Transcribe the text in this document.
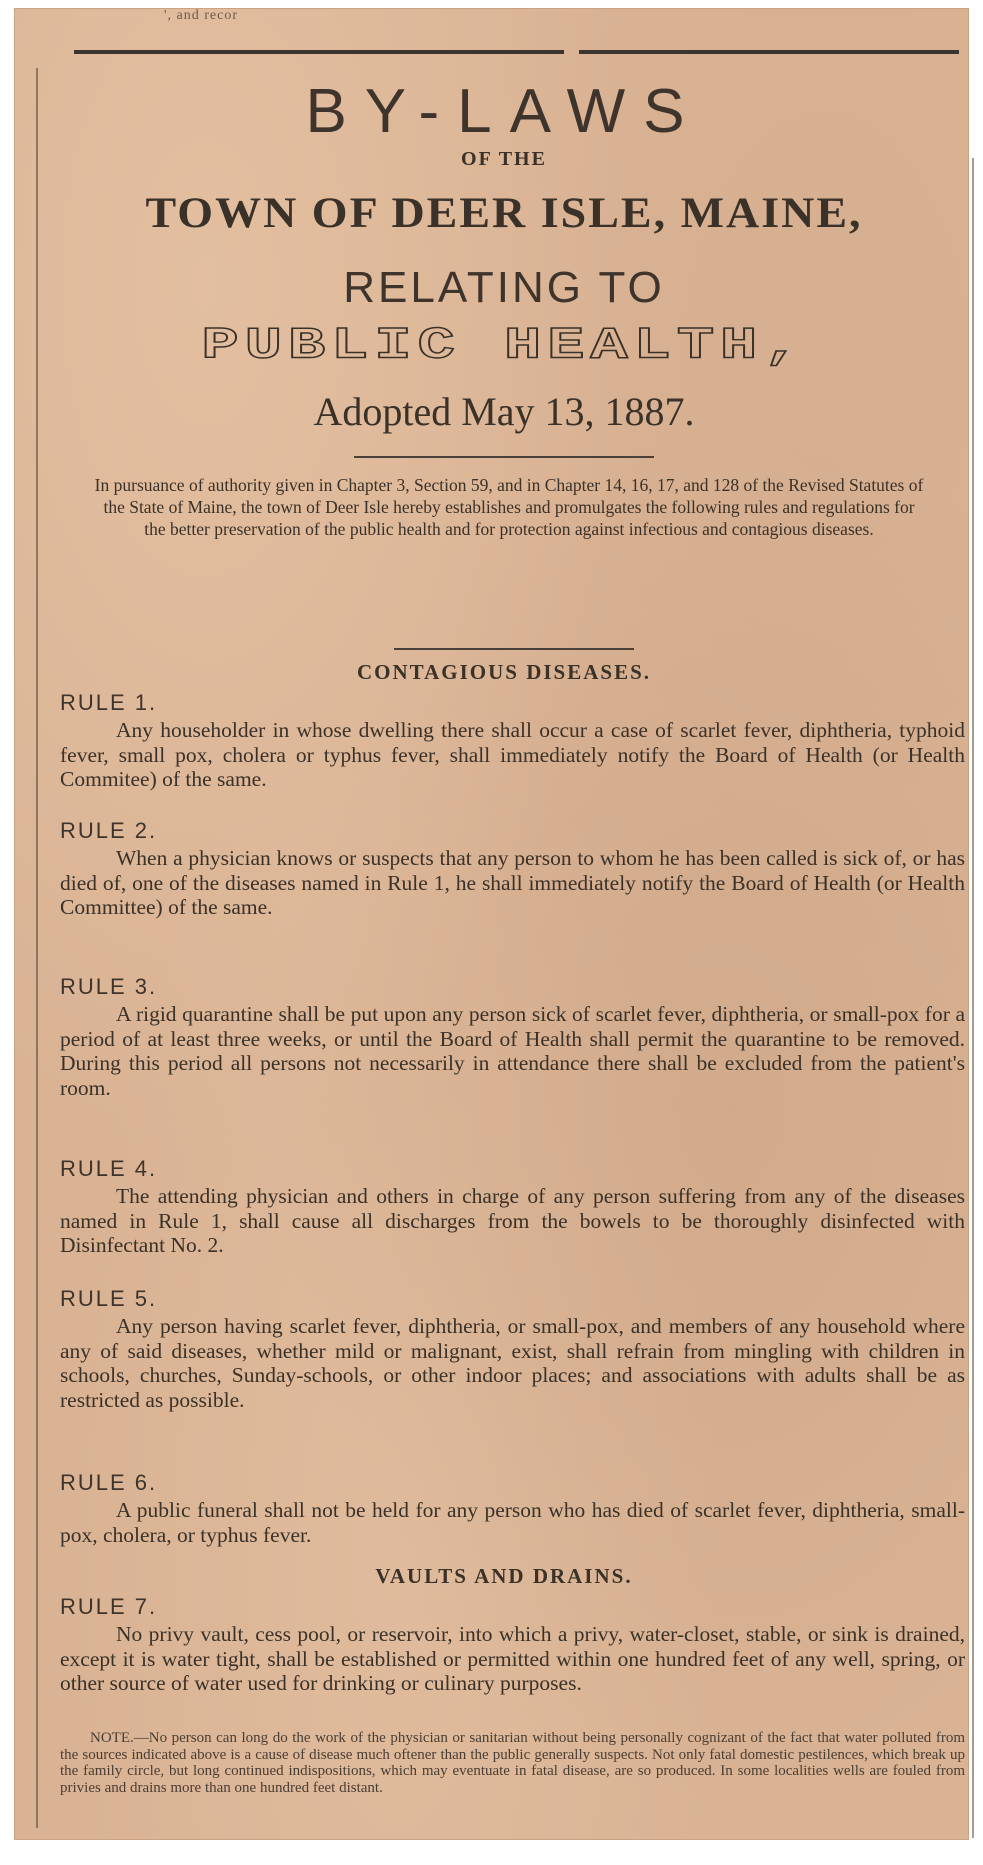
', and recor
BY-LAWS
OF THE
TOWN OF DEER ISLE, MAINE,
RELATING TO
PUBLIC HEALTH,
Adopted May 13, 1887.
In pursuance of authority given in Chapter 3, Section 59, and in Chapter 14, 16, 17, and 128 of the Revised Statutes of the State of Maine, the town of Deer Isle hereby establishes and promulgates the following rules and regulations for the better preservation of the public health and for protection against infectious and contagious diseases.
CONTAGIOUS DISEASES.
RULE 1.
Any householder in whose dwelling there shall occur a case of scarlet fever, diphtheria, typhoid fever, small pox, cholera or typhus fever, shall immediately notify the Board of Health (or Health Commitee) of the same.
RULE 2.
When a physician knows or suspects that any person to whom he has been called is sick of, or has died of, one of the diseases named in Rule 1, he shall immediately notify the Board of Health (or Health Committee) of the same.
RULE 3.
A rigid quarantine shall be put upon any person sick of scarlet fever, diphtheria, or small-pox for a period of at least three weeks, or until the Board of Health shall permit the quarantine to be removed. During this period all persons not necessarily in attendance there shall be excluded from the patient's room.
RULE 4.
The attending physician and others in charge of any person suffering from any of the diseases named in Rule 1, shall cause all discharges from the bowels to be thoroughly disinfected with Disinfectant No. 2.
RULE 5.
Any person having scarlet fever, diphtheria, or small-pox, and members of any household where any of said diseases, whether mild or malignant, exist, shall refrain from mingling with children in schools, churches, Sunday-schools, or other indoor places; and associations with adults shall be as restricted as possible.
RULE 6.
A public funeral shall not be held for any person who has died of scarlet fever, diphtheria, small-pox, cholera, or typhus fever.
VAULTS AND DRAINS.
RULE 7.
No privy vault, cess pool, or reservoir, into which a privy, water-closet, stable, or sink is drained, except it is water tight, shall be established or permitted within one hundred feet of any well, spring, or other source of water used for drinking or culinary purposes.
NOTE.—No person can long do the work of the physician or sanitarian without being personally cognizant of the fact that water polluted from the sources indicated above is a cause of disease much oftener than the public generally suspects. Not only fatal domestic pestilences, which break up the family circle, but long continued indispositions, which may eventuate in fatal disease, are so produced. In some localities wells are fouled from privies and drains more than one hundred feet distant.
